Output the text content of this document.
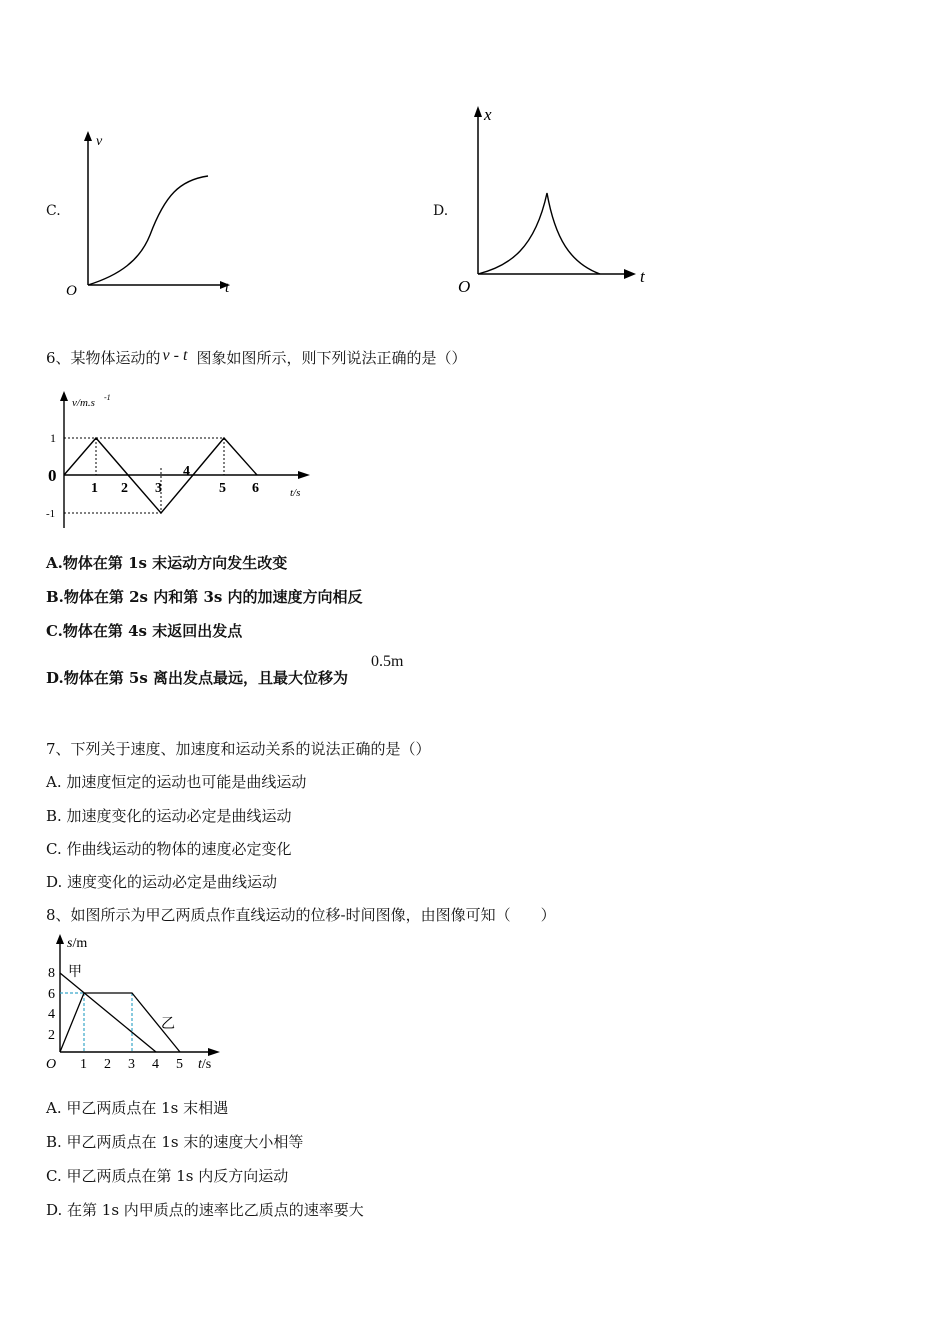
C.
v
t
O
D.
x
t
O
6、某物体运动的 v - t 图象如图所示，则下列说法正确的是（）
v/m.s -1
t/s
1
0
-1
1 2 3
4
5 6
A.物体在第 1s 末运动方向发生改变
B.物体在第 2s 内和第 3s 内的加速度方向相反
C.物体在第 4s 末返回出发点
D.物体在第 5s 离出发点最远，且最大位移为
0.5m
7、下列关于速度、加速度和运动关系的说法正确的是（）
A. 加速度恒定的运动也可能是曲线运动
B. 加速度变化的运动必定是曲线运动
C. 作曲线运动的物体的速度必定变化
D. 速度变化的运动必定是曲线运动
8、如图所示为甲乙两质点作直线运动的位移-时间图像，由图像可知（　　）
s/m
t/s
O
8
6
4
2
1 2 3 4 5
甲
乙
A. 甲乙两质点在 1s 末相遇
B. 甲乙两质点在 1s 末的速度大小相等
C. 甲乙两质点在第 1s 内反方向运动
D. 在第 1s 内甲质点的速率比乙质点的速率要大
